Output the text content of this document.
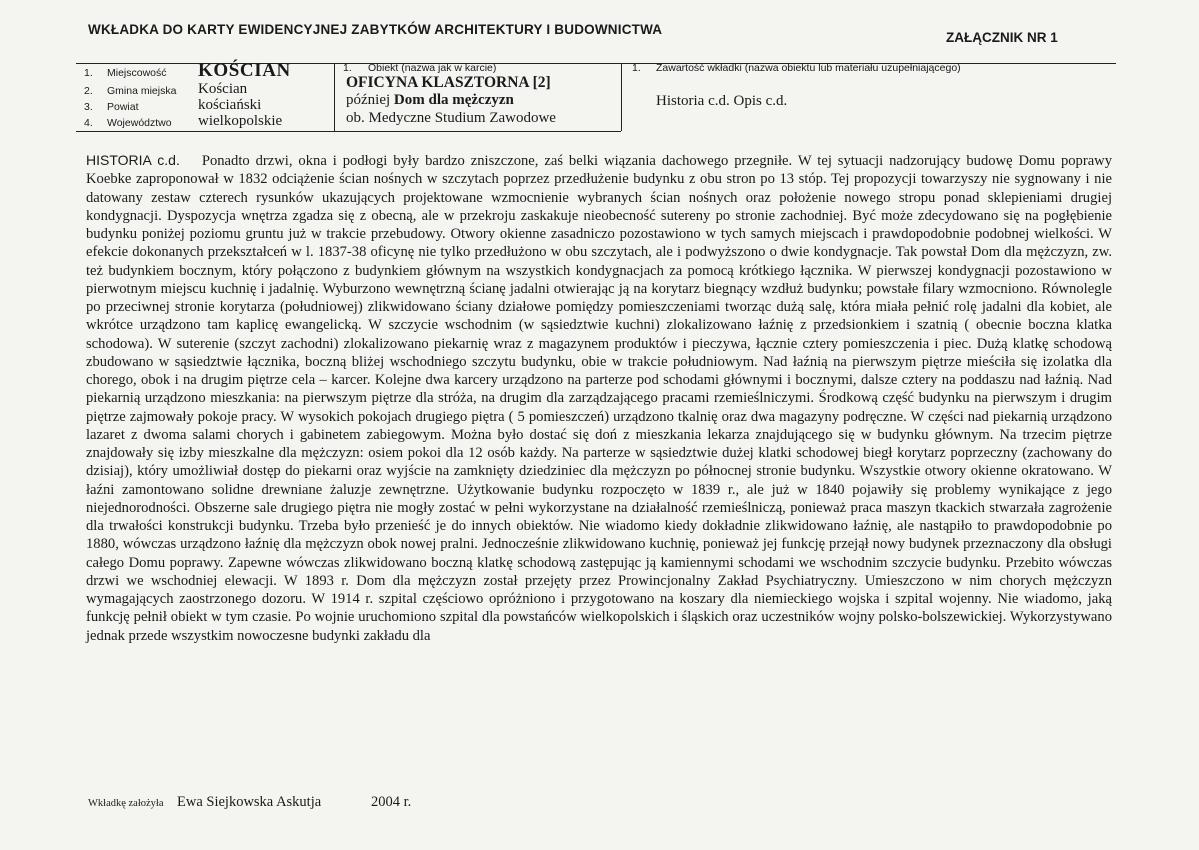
WKŁADKA DO KARTY EWIDENCYJNEJ ZABYTKÓW ARCHITEKTURY I BUDOWNICTWA
ZAŁĄCZNIK NR 1
1. Miejscowość KOŚCIAN
2. Gmina miejska Kościan
3. Powiat	kościański
4. Województwo wielkopolskie
1. Obiekt (nazwa jak w karcie)
OFICYNA KLASZTORNA [2]
później Dom dla mężczyzn
ob. Medyczne Studium Zawodowe
1. Zawartość wkładki (nazwa obiektu lub materiału uzupełniającego)
Historia c.d. Opis c.d.
HISTORIA c.d. Ponadto drzwi, okna i podłogi były bardzo zniszczone, zaś belki wiązania dachowego przegniłe. W tej sytuacji nadzorujący budowę Domu poprawy Koebke zaproponował w 1832 odciążenie ścian nośnych w szczytach poprzez przedłużenie budynku z obu stron po 13 stóp. Tej propozycji towarzyszy nie sygnowany i nie datowany zestaw czterech rysunków ukazujących projektowane wzmocnienie wybranych ścian nośnych oraz położenie nowego stropu ponad sklepieniami drugiej kondygnacji. Dyspozycja wnętrza zgadza się z obecną, ale w przekroju zaskakuje nieobecność sutereny po stronie zachodniej. Być może zdecydowano się na pogłębienie budynku poniżej poziomu gruntu już w trakcie przebudowy. Otwory okienne zasadniczo pozostawiono w tych samych miejscach i prawdopodobnie podobnej wielkości. W efekcie dokonanych przekształceń w l. 1837-38 oficynę nie tylko przedłużono w obu szczytach, ale i podwyższono o dwie kondygnacje. Tak powstał Dom dla mężczyzn, zw. też budynkiem bocznym, który połączono z budynkiem głównym na wszystkich kondygnacjach za pomocą krótkiego łącznika. W pierwszej kondygnacji pozostawiono w pierwotnym miejscu kuchnię i jadalnię. Wyburzono wewnętrzną ścianę jadalni otwierając ją na korytarz biegnący wzdłuż budynku; powstałe filary wzmocniono. Równolegle po przeciwnej stronie korytarza (południowej) zlikwidowano ściany działowe pomiędzy pomieszczeniami tworząc dużą salę, która miała pełnić rolę jadalni dla kobiet, ale wkrótce urządzono tam kaplicę ewangelicką. W szczycie wschodnim (w sąsiedztwie kuchni) zlokalizowano łaźnię z przedsionkiem i szatnią ( obecnie boczna klatka schodowa). W suterenie (szczyt zachodni) zlokalizowano piekarnię wraz z magazynem produktów i pieczywa, łącznie cztery pomieszczenia i piec. Dużą klatkę schodową zbudowano w sąsiedztwie łącznika, boczną bliżej wschodniego szczytu budynku, obie w trakcie południowym. Nad łaźnią na pierwszym piętrze mieściła się izolatka dla chorego, obok i na drugim piętrze cela – karcer. Kolejne dwa karcery urządzono na parterze pod schodami głównymi i bocznymi, dalsze cztery na poddaszu nad łaźnią. Nad piekarnią urządzono mieszkania: na pierwszym piętrze dla stróża, na drugim dla zarządzającego pracami rzemieślniczymi. Środkową część budynku na pierwszym i drugim piętrze zajmowały pokoje pracy. W wysokich pokojach drugiego piętra ( 5 pomieszczeń) urządzono tkalnię oraz dwa magazyny podręczne. W części nad piekarnią urządzono lazaret z dwoma salami chorych i gabinetem zabiegowym. Można było dostać się doń z mieszkania lekarza znajdującego się w budynku głównym. Na trzecim piętrze znajdowały się izby mieszkalne dla mężczyzn: osiem pokoi dla 12 osób każdy. Na parterze w sąsiedztwie dużej klatki schodowej biegł korytarz poprzeczny (zachowany do dzisiaj), który umożliwiał dostęp do piekarni oraz wyjście na zamknięty dziedziniec dla mężczyzn po północnej stronie budynku. Wszystkie otwory okienne okratowano. W łaźni zamontowano solidne drewniane żaluzje zewnętrzne. Użytkowanie budynku rozpoczęto w 1839 r., ale już w 1840 pojawiły się problemy wynikające z jego niejednorodności. Obszerne sale drugiego piętra nie mogły zostać w pełni wykorzystane na działalność rzemieślniczą, ponieważ praca maszyn tkackich stwarzała zagrożenie dla trwałości konstrukcji budynku. Trzeba było przenieść je do innych obiektów. Nie wiadomo kiedy dokładnie zlikwidowano łaźnię, ale nastąpiło to prawdopodobnie po 1880, wówczas urządzono łaźnię dla mężczyzn obok nowej pralni. Jednocześnie zlikwidowano kuchnię, ponieważ jej funkcję przejął nowy budynek przeznaczony dla obsługi całego Domu poprawy. Zapewne wówczas zlikwidowano boczną klatkę schodową zastępując ją kamiennymi schodami we wschodnim szczycie budynku. Przebito wówczas drzwi we wschodniej elewacji. W 1893 r. Dom dla mężczyzn został przejęty przez Prowincjonalny Zakład Psychiatryczny. Umieszczono w nim chorych mężczyzn wymagających zaostrzonego dozoru. W 1914 r. szpital częściowo opróżniono i przygotowano na koszary dla niemieckiego wojska i szpital wojenny. Nie wiadomo, jaką funkcję pełnił obiekt w tym czasie. Po wojnie uruchomiono szpital dla powstańców wielkopolskich i śląskich oraz uczestników wojny polsko-bolszewickiej. Wykorzystywano jednak przede wszystkim nowoczesne budynki zakładu dla
Wkładkę założyła Ewa Siejkowska Askutja	2004 r.
